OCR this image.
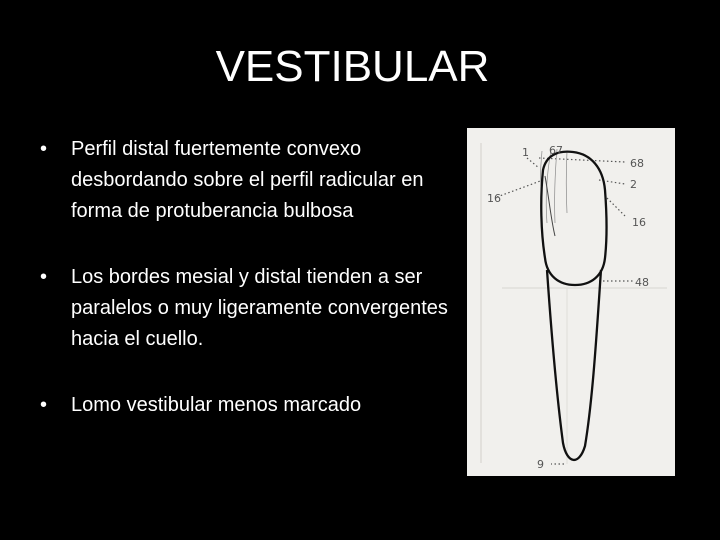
VESTIBULAR
• Perfil distal fuertemente convexo desbordando sobre el perfil radicular en forma de protuberancia bulbosa
• Los bordes mesial y distal tienden a ser paralelos o muy ligeramente convergentes hacia el cuello.
• Lomo vestibular menos marcado
1 67
68
2
16
16
48
9
